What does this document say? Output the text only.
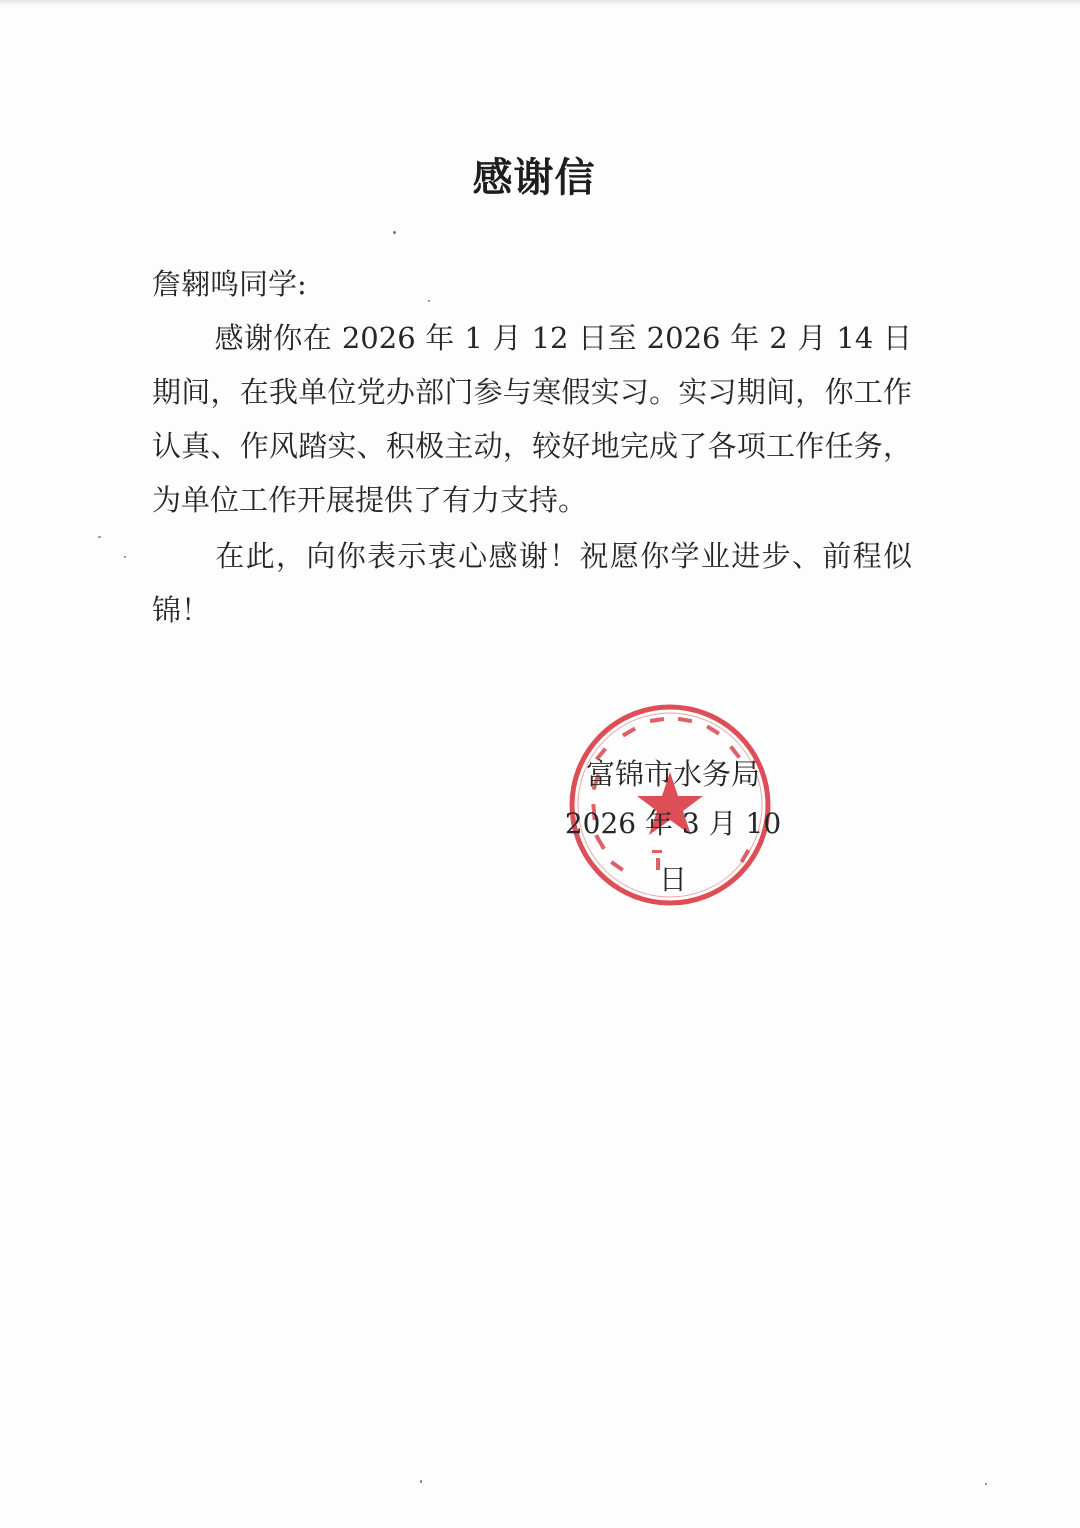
感谢信
詹翱鸣同学:
感谢你在 2026 年 1 月 12 日至 2026 年 2 月 14 日期间，在我单位党办部门参与寒假实习。实习期间，你工作认真、作风踏实、积极主动，较好地完成了各项工作任务，为单位工作开展提供了有力支持。
在此，向你表示衷心感谢！祝愿你学业进步、前程似锦！
富锦市水务局
2026 年 3 月 10 日
